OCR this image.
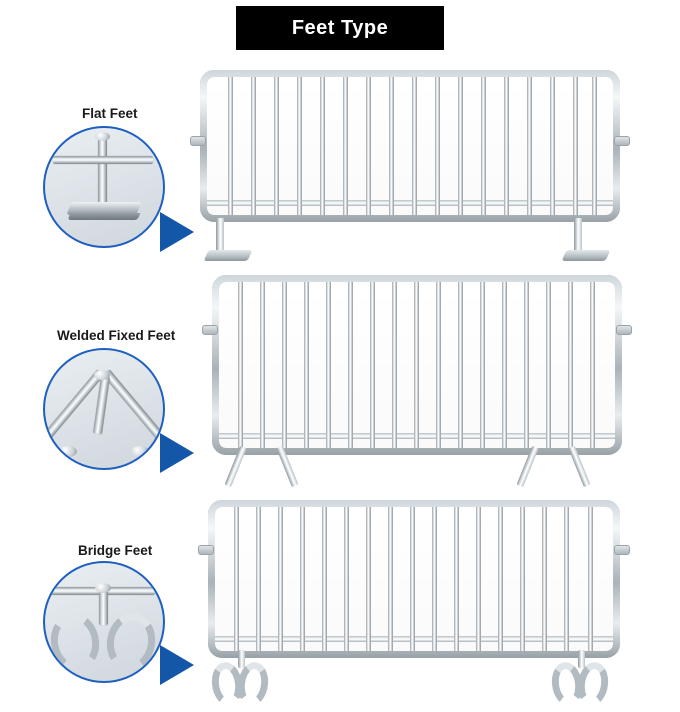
Feet Type
Flat Feet
Welded Fixed Feet
Bridge Feet
